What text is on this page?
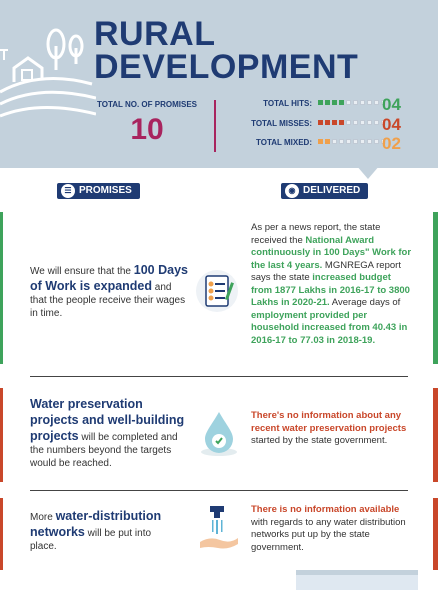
RURAL
DEVELOPMENT
TOTAL NO. OF PROMISES
10
TOTAL HITS:	04
TOTAL MISSES:	04
TOTAL MIXED:	02
☰ PROMISES	◉ DELIVERED
We will ensure that the 100 Days of Work is expanded and that the people receive their wages in time.
As per a news report, the state received the National Award continuously in 100 Days" Work for the last 4 years. MGNREGA report says the state increased budget from 1877 Lakhs in 2016-17 to 3800 Lakhs in 2020-21. Average days of employment provided per household increased from 40.43 in 2016-17 to 77.03 in 2018-19.
Water preservation projects and well-building projects will be completed and the numbers beyond the targets would be reached.
There's no information about any recent water preservation projects started by the state government.
More water-distribution networks will be put into place.
There is no information available with regards to any water distribution networks put up by the state government.
